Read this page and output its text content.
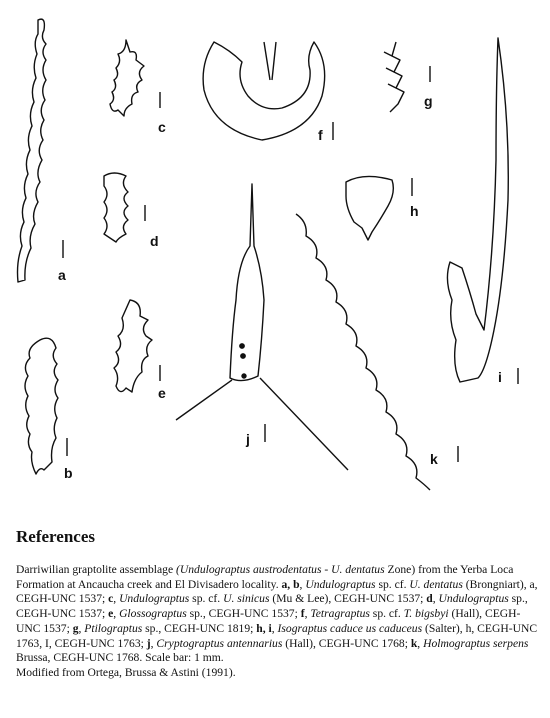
a
b
c
d
e
f
g
h
i
j
k
References

Darriwilian graptolite assemblage (Undulograptus austrodentatus - U. dentatus Zone) from the Yerba Loca Formation at Ancaucha creek and El Divisadero locality. a, b, Undulograptus sp. cf. U. dentatus (Brongniart), a, CEGH-UNC 1537; c, Undulograptus sp. cf. U. sinicus (Mu & Lee), CEGH-UNC 1537; d, Undulograptus sp., CEGH-UNC 1537; e, Glossograptus sp., CEGH-UNC 1537; f, Tetragraptus sp. cf. T. bigsbyi (Hall), CEGH-UNC 1537; g, Ptilograptus sp., CEGH-UNC 1819; h, i, Isograptus caduce us caduceus (Salter), h, CEGH-UNC 1763, I, CEGH-UNC 1763; j, Cryptograptus antennarius (Hall), CEGH-UNC 1768; k, Holmograptus serpens Brussa, CEGH-UNC 1768. Scale bar: 1 mm.

Modified from Ortega, Brussa & Astini (1991).
